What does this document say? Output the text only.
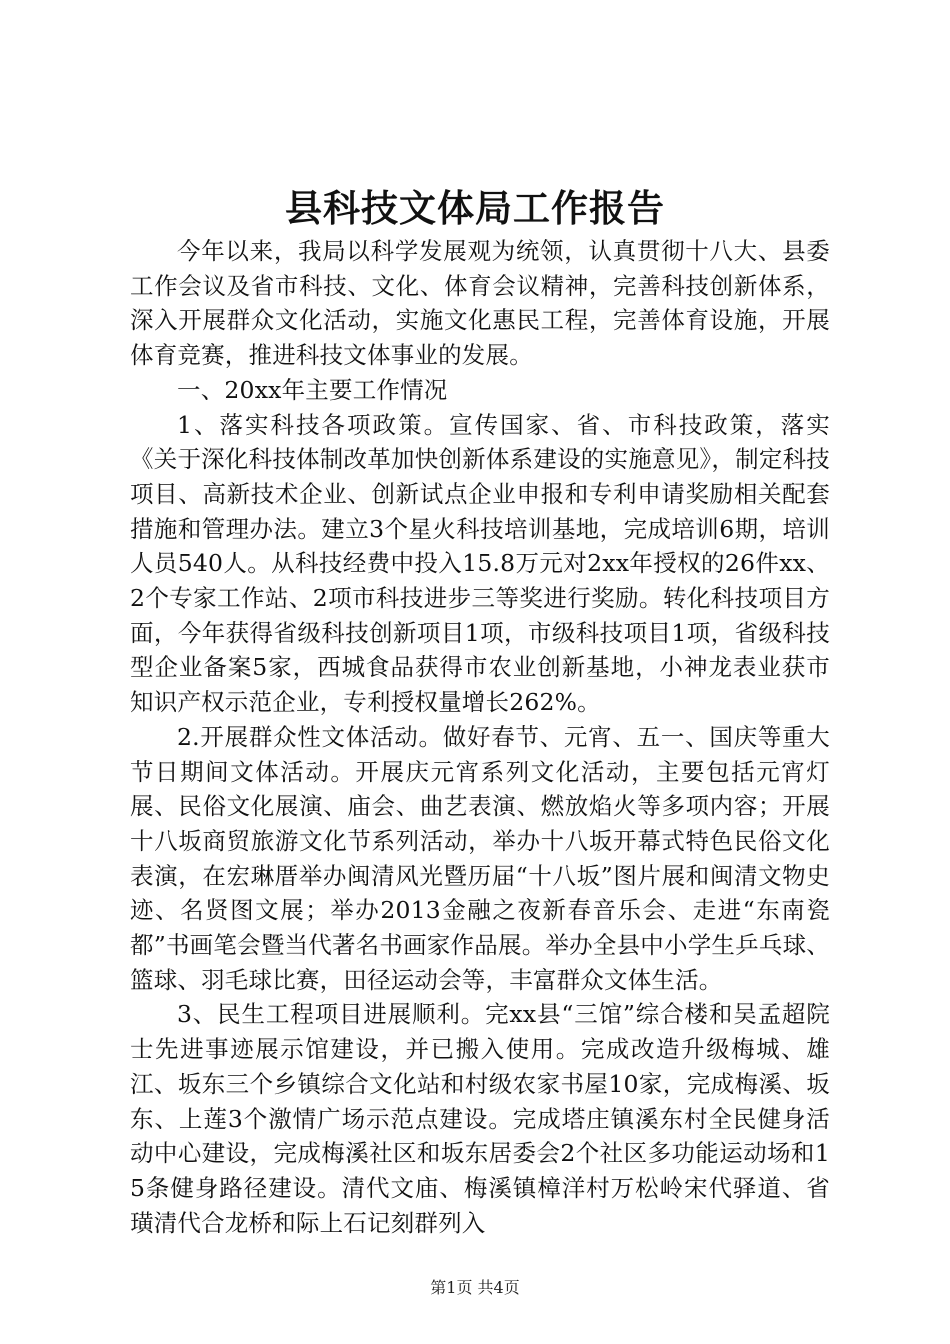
县科技文体局工作报告

今年以来，我局以科学发展观为统领，认真贯彻十八大、县委工作会议及省市科技、文化、体育会议精神，完善科技创新体系，深入开展群众文化活动，实施文化惠民工程，完善体育设施，开展体育竞赛，推进科技文体事业的发展。

一、20xx年主要工作情况

1、落实科技各项政策。宣传国家、省、市科技政策，落实《关于深化科技体制改革加快创新体系建设的实施意见》，制定科技项目、高新技术企业、创新试点企业申报和专利申请奖励相关配套措施和管理办法。建立3个星火科技培训基地，完成培训6期，培训人员540人。从科技经费中投入15.8万元对2xx年授权的26件xx、2个专家工作站、2项市科技进步三等奖进行奖励。转化科技项目方面，今年获得省级科技创新项目1项，市级科技项目1项，省级科技型企业备案5家，西城食品获得市农业创新基地，小神龙表业获市知识产权示范企业，专利授权量增长262%。

2.开展群众性文体活动。做好春节、元宵、五一、国庆等重大节日期间文体活动。开展庆元宵系列文化活动，主要包括元宵灯展、民俗文化展演、庙会、曲艺表演、燃放焰火等多项内容；开展十八坂商贸旅游文化节系列活动，举办十八坂开幕式特色民俗文化表演，在宏琳厝举办闽清风光暨历届“十八坂”图片展和闽清文物史迹、名贤图文展；举办2013金融之夜新春音乐会、走进“东南瓷都”书画笔会暨当代著名书画家作品展。举办全县中小学生乒乓球、篮球、羽毛球比赛，田径运动会等，丰富群众文体生活。

3、民生工程项目进展顺利。完xx县“三馆”综合楼和吴孟超院士先进事迹展示馆建设，并已搬入使用。完成改造升级梅城、雄江、坂东三个乡镇综合文化站和村级农家书屋10家，完成梅溪、坂东、上莲3个激情广场示范点建设。完成塔庄镇溪东村全民健身活动中心建设，完成梅溪社区和坂东居委会2个社区多功能运动场和15条健身路径建设。清代文庙、梅溪镇樟洋村万松岭宋代驿道、省璜清代合龙桥和际上石记刻群列入

第1页 共4页
